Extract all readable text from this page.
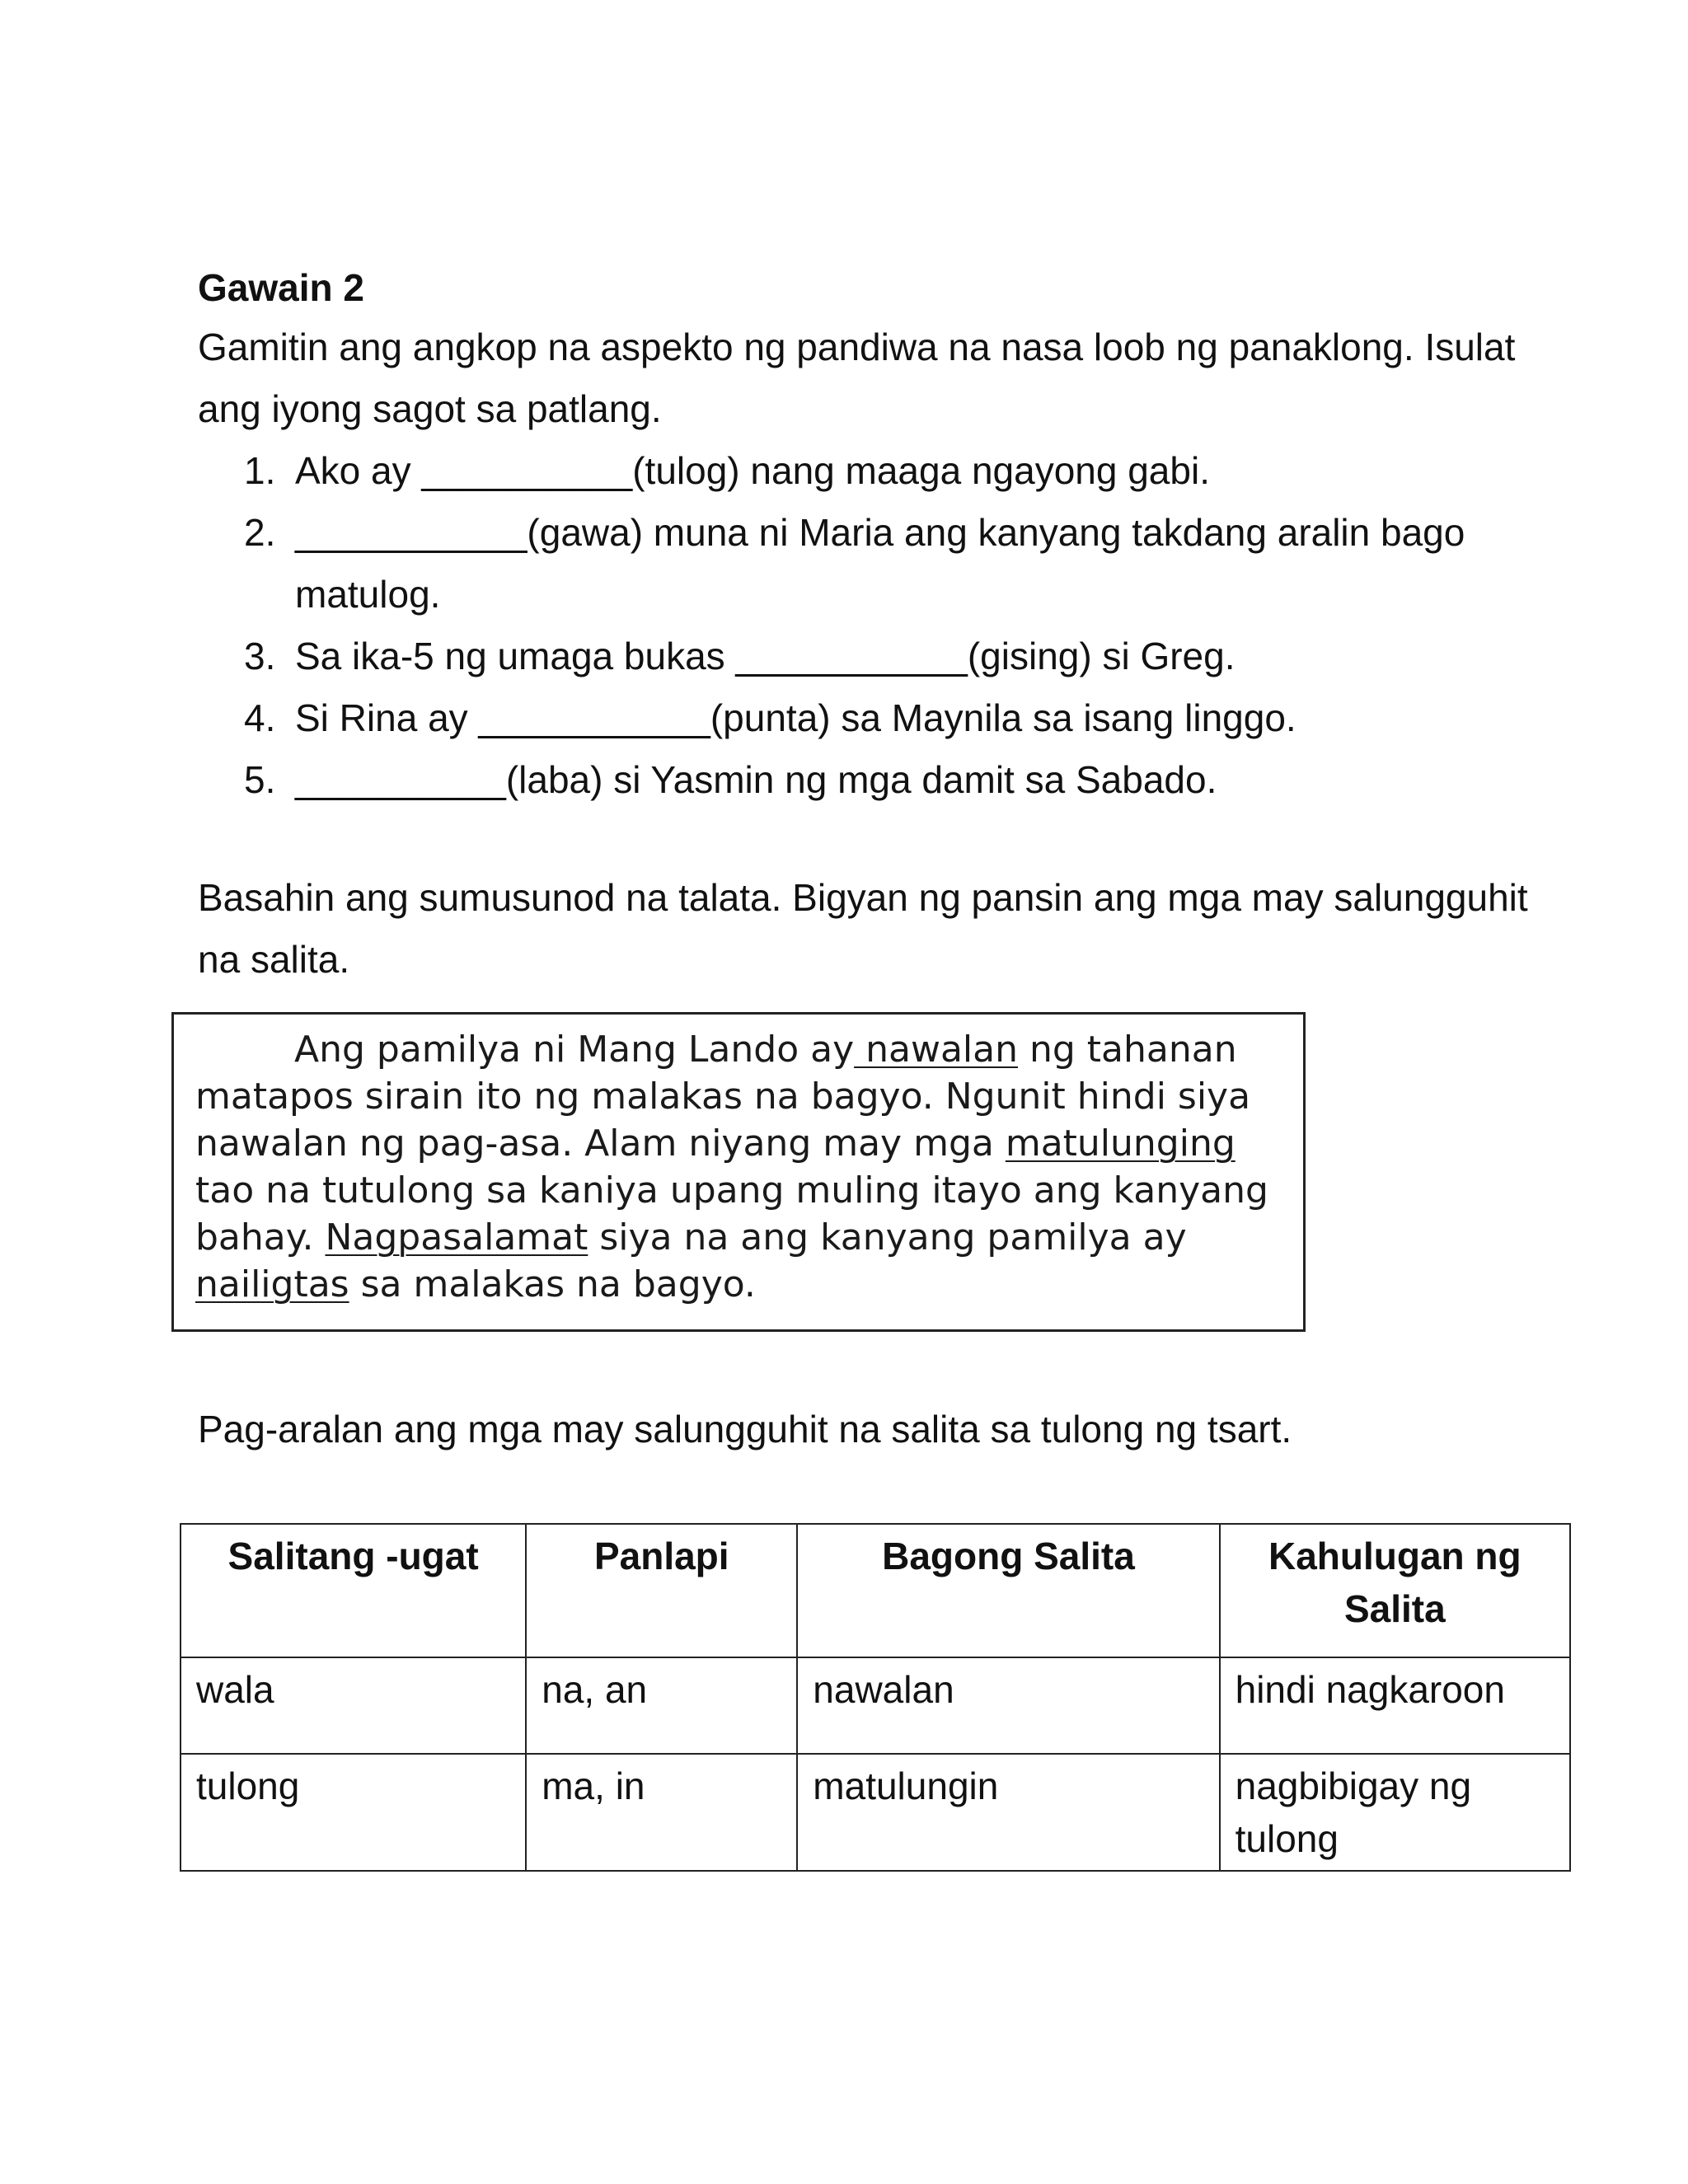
Gawain 2

Gamitin ang angkop na aspekto ng pandiwa na nasa loob ng panaklong. Isulat ang iyong sagot sa patlang.

1. Ako ay __________(tulog) nang maaga ngayong gabi.
2. ___________(gawa) muna ni Maria ang kanyang takdang aralin bago matulog.
3. Sa ika-5 ng umaga bukas ___________(gising) si Greg.
4. Si Rina ay ___________(punta) sa Maynila sa isang linggo.
5. __________(laba) si Yasmin ng mga damit sa Sabado.

Basahin ang sumusunod na talata. Bigyan ng pansin ang mga may salungguhit na salita.

Ang pamilya ni Mang Lando ay nawalan ng tahanan matapos sirain ito ng malakas na bagyo. Ngunit hindi siya nawalan ng pag-asa. Alam niyang may mga matulunging tao na tutulong sa kaniya upang muling itayo ang kanyang bahay. Nagpasalamat siya na ang kanyang pamilya ay nailigtas sa malakas na bagyo.

Pag-aralan ang mga may salungguhit na salita sa tulong ng tsart.

Salitang -ugat	Panlapi	Bagong Salita	Kahulugan ng Salita
wala	na, an	nawalan	hindi nagkaroon
tulong	ma, in	matulungin	nagbibigay ng tulong
